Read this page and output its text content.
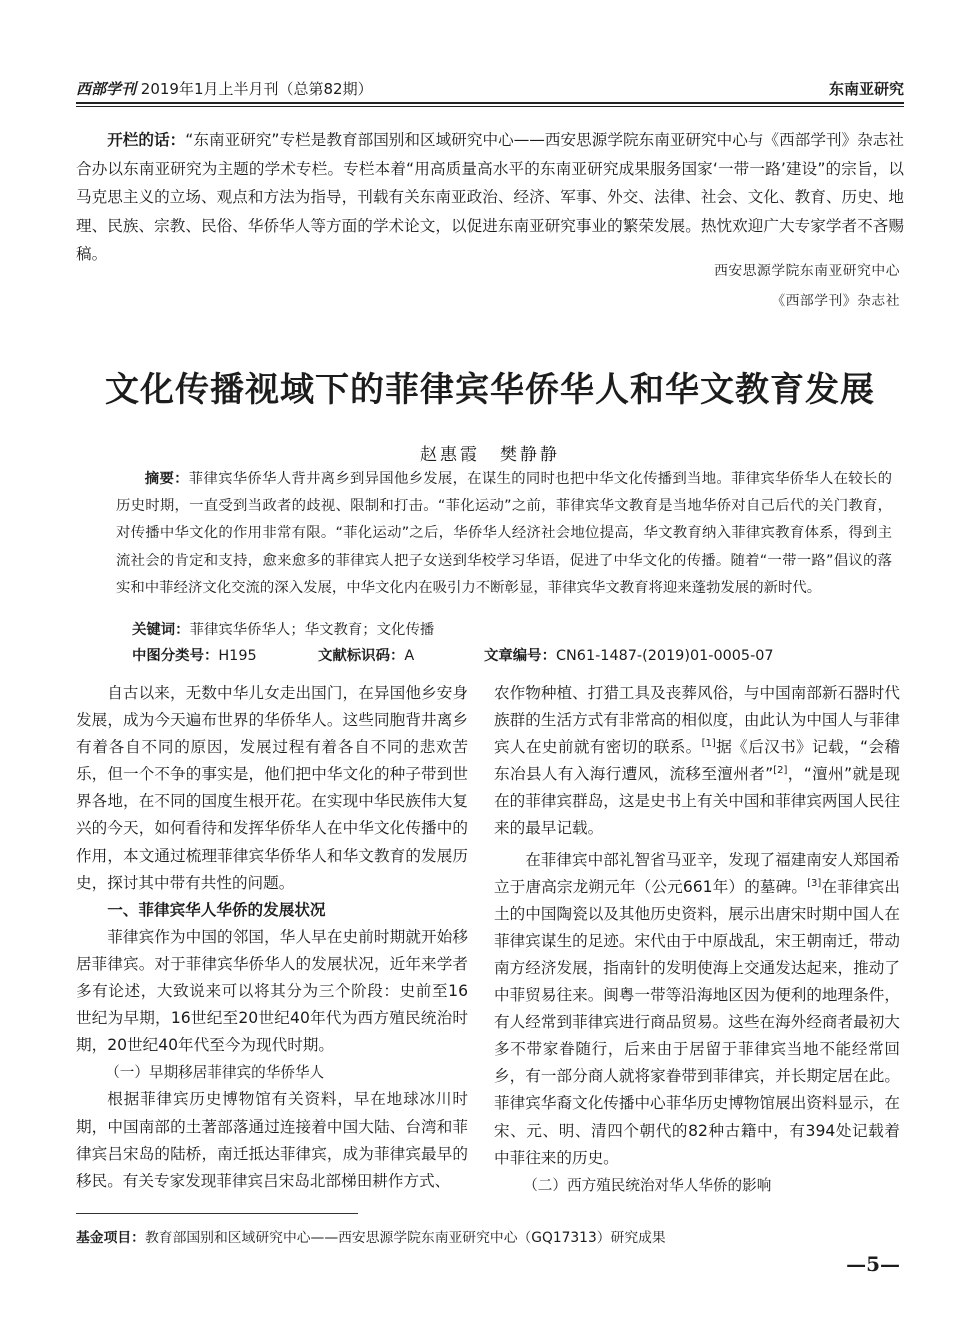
西部学刊 2019年1月上半月刊（总第82期）	东南亚研究
开栏的话：“东南亚研究”专栏是教育部国别和区域研究中心——西安思源学院东南亚研究中心与《西部学刊》杂志社合办以东南亚研究为主题的学术专栏。专栏本着“用高质量高水平的东南亚研究成果服务国家‘一带一路’建设”的宗旨，以马克思主义的立场、观点和方法为指导，刊载有关东南亚政治、经济、军事、外交、法律、社会、文化、教育、历史、地理、民族、宗教、民俗、华侨华人等方面的学术论文，以促进东南亚研究事业的繁荣发展。热忱欢迎广大专家学者不吝赐稿。
西安思源学院东南亚研究中心
《西部学刊》杂志社
文化传播视域下的菲律宾华侨华人和华文教育发展
赵惠霞　樊静静
摘要：菲律宾华侨华人背井离乡到异国他乡发展，在谋生的同时也把中华文化传播到当地。菲律宾华侨华人在较长的历史时期，一直受到当政者的歧视、限制和打击。“菲化运动”之前，菲律宾华文教育是当地华侨对自己后代的关门教育，对传播中华文化的作用非常有限。“菲化运动”之后，华侨华人经济社会地位提高，华文教育纳入菲律宾教育体系，得到主流社会的肯定和支持，愈来愈多的菲律宾人把子女送到华校学习华语，促进了中华文化的传播。随着“一带一路”倡议的落实和中菲经济文化交流的深入发展，中华文化内在吸引力不断彰显，菲律宾华文教育将迎来蓬勃发展的新时代。
关键词：菲律宾华侨华人；华文教育；文化传播
中图分类号：H195	文献标识码：A	文章编号：CN61-1487-(2019)01-0005-07

自古以来，无数中华儿女走出国门，在异国他乡安身发展，成为今天遍布世界的华侨华人。这些同胞背井离乡有着各自不同的原因，发展过程有着各自不同的悲欢苦乐，但一个不争的事实是，他们把中华文化的种子带到世界各地，在不同的国度生根开花。在实现中华民族伟大复兴的今天，如何看待和发挥华侨华人在中华文化传播中的作用，本文通过梳理菲律宾华侨华人和华文教育的发展历史，探讨其中带有共性的问题。

一、菲律宾华人华侨的发展状况

菲律宾作为中国的邻国，华人早在史前时期就开始移居菲律宾。对于菲律宾华侨华人的发展状况，近年来学者多有论述，大致说来可以将其分为三个阶段：史前至16世纪为早期，16世纪至20世纪40年代为西方殖民统治时期，20世纪40年代至今为现代时期。

（一）早期移居菲律宾的华侨华人

根据菲律宾历史博物馆有关资料，早在地球冰川时期，中国南部的土著部落通过连接着中国大陆、台湾和菲律宾吕宋岛的陆桥，南迁抵达菲律宾，成为菲律宾最早的移民。有关专家发现菲律宾吕宋岛北部梯田耕作方式、

农作物种植、打猎工具及丧葬风俗，与中国南部新石器时代族群的生活方式有非常高的相似度，由此认为中国人与菲律宾人在史前就有密切的联系。[1]据《后汉书》记载，“会稽东冶县人有入海行遭风，流移至澶州者”[2]，“澶州”就是现在的菲律宾群岛，这是史书上有关中国和菲律宾两国人民往来的最早记载。

在菲律宾中部礼智省马亚辛，发现了福建南安人郑国希立于唐高宗龙朔元年（公元661年）的墓碑。[3]在菲律宾出土的中国陶瓷以及其他历史资料，展示出唐宋时期中国人在菲律宾谋生的足迹。宋代由于中原战乱，宋王朝南迁，带动南方经济发展，指南针的发明使海上交通发达起来，推动了中菲贸易往来。闽粤一带等沿海地区因为便利的地理条件，有人经常到菲律宾进行商品贸易。这些在海外经商者最初大多不带家眷随行，后来由于居留于菲律宾当地不能经常回乡，有一部分商人就将家眷带到菲律宾，并长期定居在此。菲律宾华裔文化传播中心菲华历史博物馆展出资料显示，在宋、元、明、清四个朝代的82种古籍中，有394处记载着中菲往来的历史。

（二）西方殖民统治对华人华侨的影响

基金项目：教育部国别和区域研究中心——西安思源学院东南亚研究中心（GQ17313）研究成果
—5—
